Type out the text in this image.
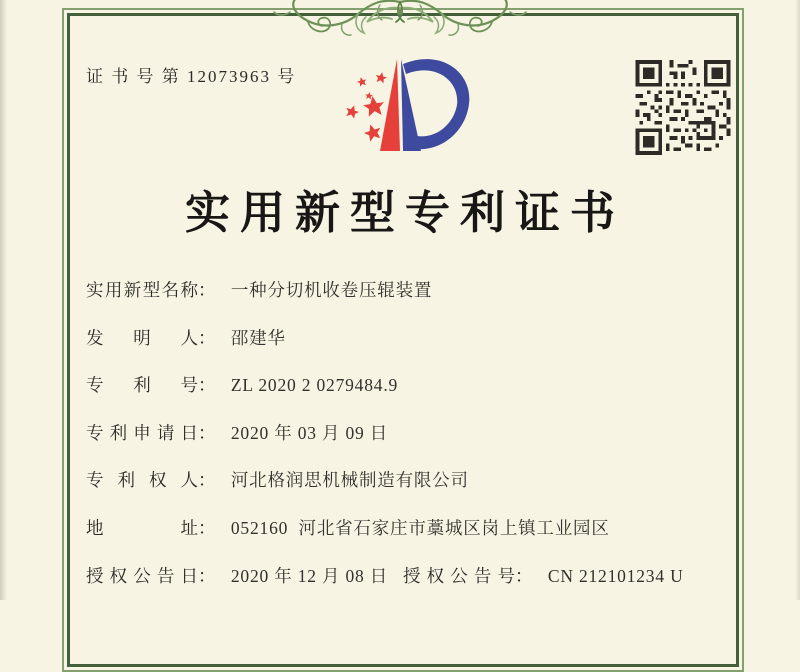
证 书 号 第 12073963 号
实用新型专利证书
实用新型名称： 一种分切机收卷压辊装置
发明人： 邵建华
专利号： ZL 2020 2 0279484.9
专利申请日： 2020 年 03 月 09 日
专利权人： 河北格润思机械制造有限公司
地址： 052160  河北省石家庄市藁城区岗上镇工业园区
授权公告日： 2020 年 12 月 08 日 授权公告号： CN 212101234 U
